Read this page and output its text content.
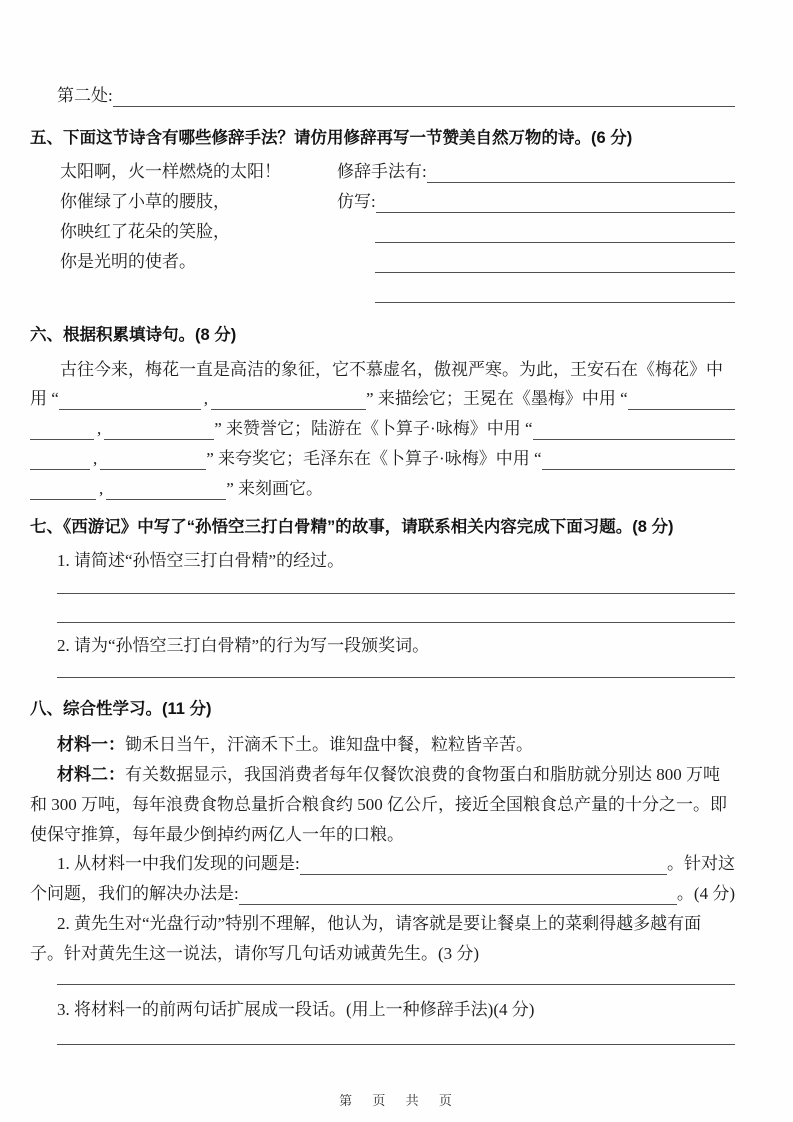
第二处:
五、下面这节诗含有哪些修辞手法？请仿用修辞再写一节赞美自然万物的诗。(6 分)
太阳啊，火一样燃烧的太阳！
你催绿了小草的腰肢，
你映红了花朵的笑脸，
你是光明的使者。
修辞手法有:
仿写:
六、根据积累填诗句。(8 分)
古往今来，梅花一直是高洁的象征，它不慕虚名，傲视严寒。为此，王安石在《梅花》中
用 “	,	” 来描绘它；王冕在《墨梅》中用 “
,	” 来赞誉它；陆游在《卜算子·咏梅》中用 “
,	” 来夸奖它；毛泽东在《卜算子·咏梅》中用 “
,	” 来刻画它。
七、《西游记》中写了“孙悟空三打白骨精”的故事，请联系相关内容完成下面习题。(8 分)
1. 请简述“孙悟空三打白骨精”的经过。
2. 请为“孙悟空三打白骨精”的行为写一段颁奖词。
八、综合性学习。(11 分)
材料一： 锄禾日当午，汗滴禾下土。谁知盘中餐，粒粒皆辛苦。
材料二： 有关数据显示，我国消费者每年仅餐饮浪费的食物蛋白和脂肪就分别达 800 万吨
和 300 万吨，每年浪费食物总量折合粮食约 500 亿公斤，接近全国粮食总产量的十分之一。即
使保守推算，每年最少倒掉约两亿人一年的口粮。
1. 从材料一中我们发现的问题是:	。针对这
个问题，我们的解决办法是:	。(4 分)
2. 黄先生对“光盘行动”特别不理解，他认为，请客就是要让餐桌上的菜剩得越多越有面
子。针对黄先生这一说法，请你写几句话劝诫黄先生。(3 分)
3. 将材料一的前两句话扩展成一段话。(用上一种修辞手法)(4 分)
第 页 共 页
